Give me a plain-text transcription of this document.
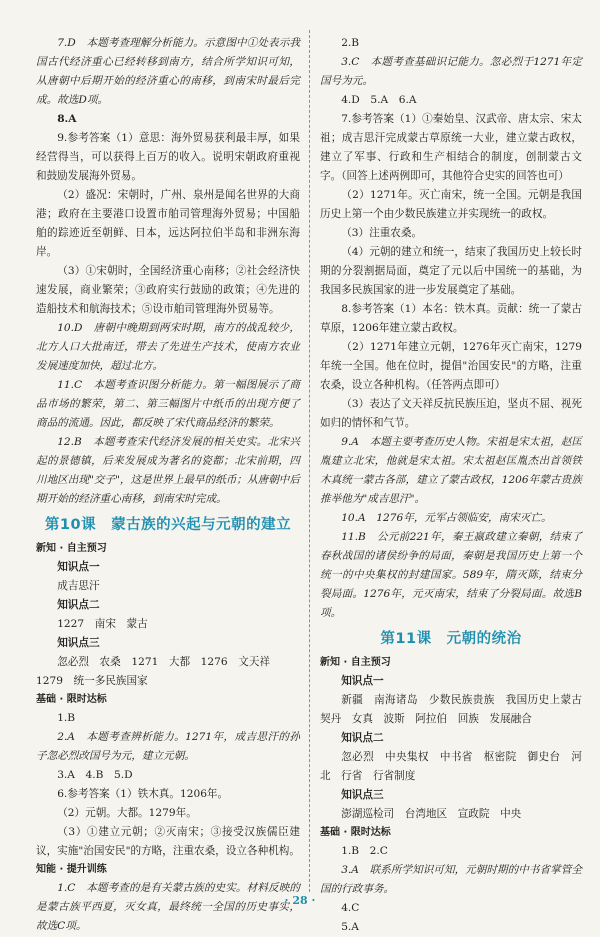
7.D　本题考查理解分析能力。示意图中①处表示我国古代经济重心已经转移到南方，结合所学知识可知，从唐朝中后期开始的经济重心的南移，到南宋时最后完成。故选D项。

8.A

9.参考答案（1）意思：海外贸易获利最丰厚，如果经营得当，可以获得上百万的收入。说明宋朝政府重视和鼓励发展海外贸易。

（2）盛况：宋朝时，广州、泉州是闻名世界的大商港；政府在主要港口设置市舶司管理海外贸易；中国船舶的踪迹近至朝鲜、日本，远达阿拉伯半岛和非洲东海岸。

（3）①宋朝时，全国经济重心南移；②社会经济快速发展，商业繁荣；③政府实行鼓励的政策；④先进的造船技术和航海技术；⑤设市舶司管理海外贸易等。

10.D　唐朝中晚期到两宋时期，南方的战乱较少，北方人口大批南迁，带去了先进生产技术，使南方农业发展速度加快，超过北方。

11.C　本题考查识图分析能力。第一幅图展示了商品市场的繁荣，第二、第三幅图片中纸币的出现方便了商品的流通。因此，都反映了宋代商品经济的繁荣。

12.B　本题考查宋代经济发展的相关史实。北宋兴起的景德镇，后来发展成为著名的瓷都；北宋前期，四川地区出现"交子"，这是世界上最早的纸币；从唐朝中后期开始的经济重心南移，到南宋时完成。

第10课　蒙古族的兴起与元朝的建立
新知 · 自主预习

知识点一

成吉思汗

知识点二

1227　南宋　蒙古

知识点三

忽必烈　农桑　1271　大都　1276　文天祥

1279　统一多民族国家

基础 · 限时达标

1.B

2.A　本题考查辨析能力。1271年，成吉思汗的孙子忽必烈改国号为元，建立元朝。

3.A　4.B　5.D

6.参考答案（1）铁木真。1206年。

（2）元朝。大都。1279年。

（3）①建立元朝；②灭南宋；③接受汉族儒臣建议，实施"治国安民"的方略，注重农桑，设立各种机构。

知能 · 提升训练

1.C　本题考查的是有关蒙古族的史实。材料反映的是蒙古族平西夏，灭女真，最终统一全国的历史事实，故选C项。

2.B

3.C　本题考查基础识记能力。忽必烈于1271年定国号为元。

4.D　5.A　6.A

7.参考答案（1）①秦始皇、汉武帝、唐太宗、宋太祖；成吉思汗完成蒙古草原统一大业，建立蒙古政权，建立了军事、行政和生产相结合的制度，创制蒙古文字。（回答上述两例即可，其他符合史实的回答也可）

（2）1271年。灭亡南宋，统一全国。元朝是我国历史上第一个由少数民族建立并实现统一的政权。

（3）注重农桑。

（4）元朝的建立和统一，结束了我国历史上较长时期的分裂割据局面，奠定了元以后中国统一的基础，为我国多民族国家的进一步发展奠定了基础。

8.参考答案（1）本名：铁木真。贡献：统一了蒙古草原，1206年建立蒙古政权。

（2）1271年建立元朝，1276年灭亡南宋，1279年统一全国。他在位时，提倡"治国安民"的方略，注重农桑，设立各种机构。（任答两点即可）

（3）表达了文天祥反抗民族压迫，坚贞不屈、视死如归的情怀和气节。

9.A　本题主要考查历史人物。宋祖是宋太祖，赵匡胤建立北宋，他就是宋太祖。宋太祖赵匡胤杰出首领铁木真统一蒙古各部，建立了蒙古政权，1206年蒙古贵族推举他为"成吉思汗"。

10.A　1276年，元军占领临安，南宋灭亡。

11.B　公元前221年，秦王嬴政建立秦朝，结束了春秋战国的诸侯纷争的局面，秦朝是我国历史上第一个统一的中央集权的封建国家。589年，隋灭陈，结束分裂局面。1276年，元灭南宋，结束了分裂局面。故选B项。

第11课　元朝的统治
新知 · 自主预习

知识点一

新疆　南海诸岛　少数民族贵族　我国历史上蒙古　契丹　女真　波斯　阿拉伯　回族　发展融合

知识点二

忽必烈　中央集权　中书省　枢密院　御史台　河北　行省　行省制度

知识点三

澎湖巡检司　台湾地区　宣政院　中央

基础 · 限时达标

1.B　2.C

3.A　联系所学知识可知，元朝时期的中书省掌管全国的行政事务。

4.C

5.A

· 28 ·
